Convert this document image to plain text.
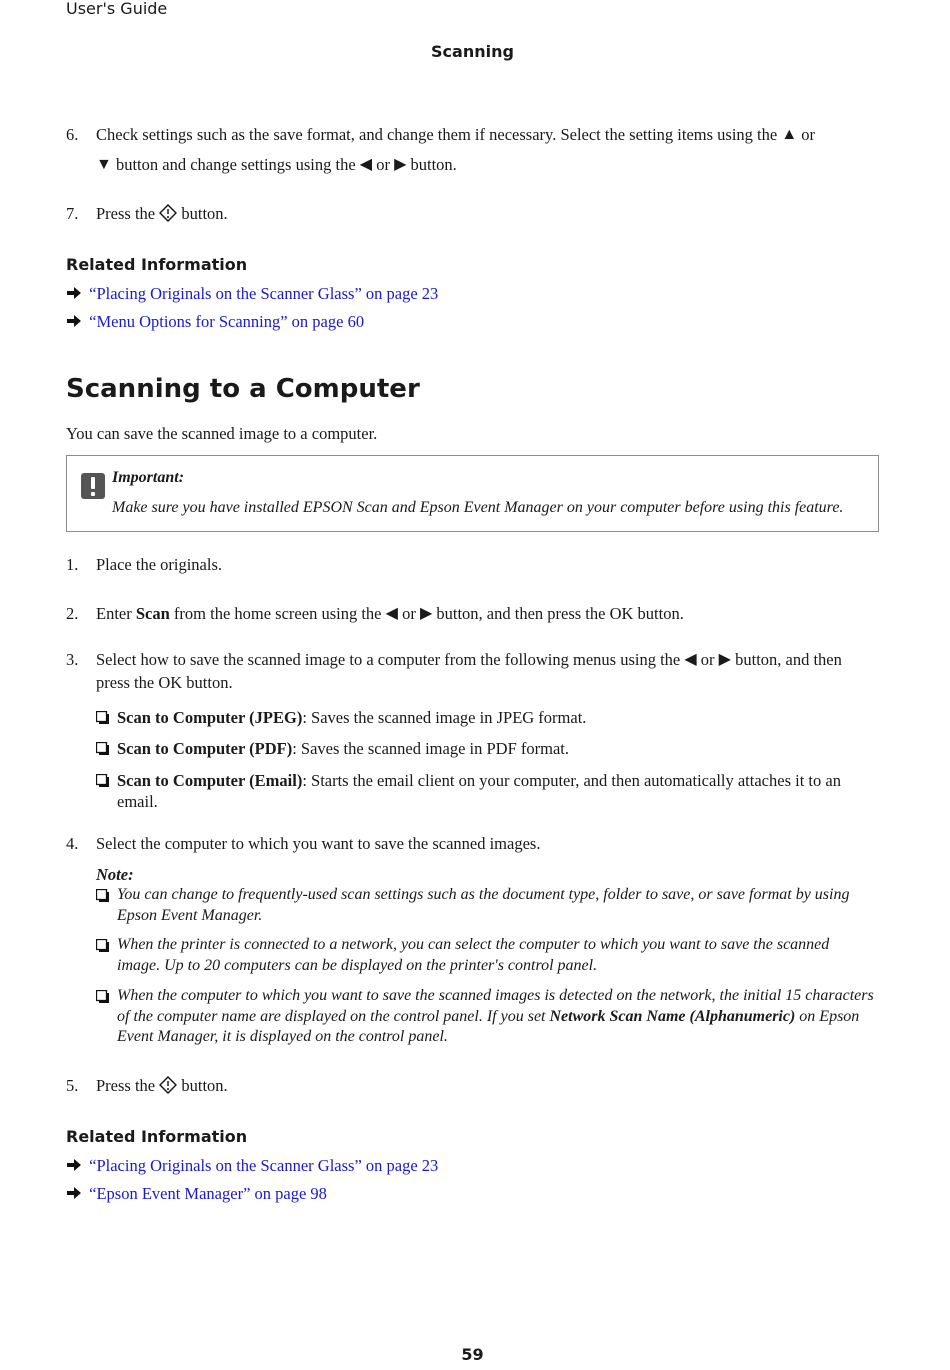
User's Guide
Scanning
6.	Check settings such as the save format, and change them if necessary. Select the setting items using the ▲ or
▼ button and change settings using the ◀ or ▶ button.
7.	Press the button.
Related Information
“Placing Originals on the Scanner Glass” on page 23
“Menu Options for Scanning” on page 60
Scanning to a Computer
You can save the scanned image to a computer.
Important:
Make sure you have installed EPSON Scan and Epson Event Manager on your computer before using this feature.
1.	Place the originals.
2.	Enter Scan from the home screen using the ◀ or ▶ button, and then press the OK button.
3.	Select how to save the scanned image to a computer from the following menus using the ◀ or ▶ button, and then press the OK button.
Scan to Computer (JPEG): Saves the scanned image in JPEG format.
Scan to Computer (PDF): Saves the scanned image in PDF format.
Scan to Computer (Email): Starts the email client on your computer, and then automatically attaches it to an email.
4.	Select the computer to which you want to save the scanned images.
Note:
You can change to frequently-used scan settings such as the document type, folder to save, or save format by using Epson Event Manager.
When the printer is connected to a network, you can select the computer to which you want to save the scanned image. Up to 20 computers can be displayed on the printer's control panel.
When the computer to which you want to save the scanned images is detected on the network, the initial 15 characters of the computer name are displayed on the control panel. If you set Network Scan Name (Alphanumeric) on Epson Event Manager, it is displayed on the control panel.
5.	Press the button.
Related Information
“Placing Originals on the Scanner Glass” on page 23
“Epson Event Manager” on page 98
59
